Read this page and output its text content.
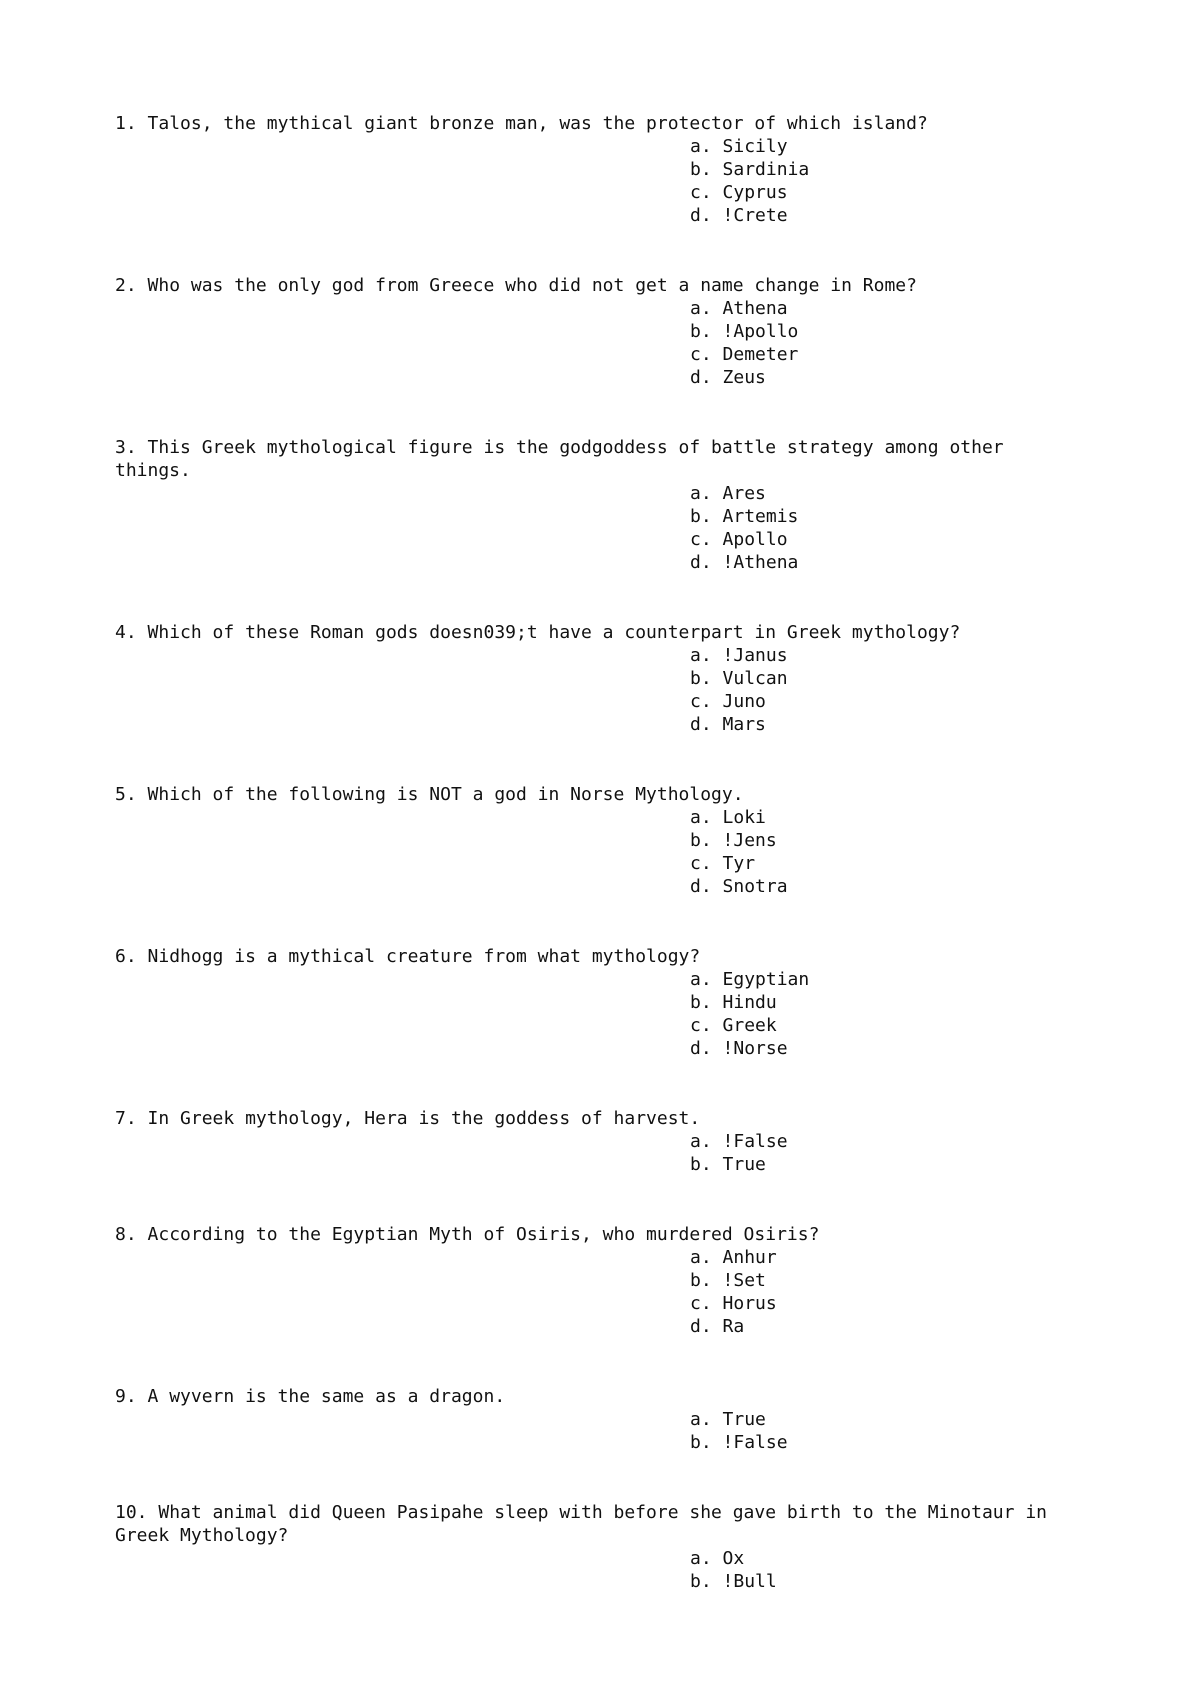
1. Talos, the mythical giant bronze man, was the protector of which island?

a. Sicily
b. Sardinia
c. Cyprus
d. !Crete

2. Who was the only god from Greece who did not get a name change in Rome?

a. Athena
b. !Apollo
c. Demeter
d. Zeus

3. This Greek mythological figure is the godgoddess of battle strategy among other things.

a. Ares
b. Artemis
c. Apollo
d. !Athena

4. Which of these Roman gods doesn039;t have a counterpart in Greek mythology?

a. !Janus
b. Vulcan
c. Juno
d. Mars

5. Which of the following is NOT a god in Norse Mythology.

a. Loki
b. !Jens
c. Tyr
d. Snotra

6. Nidhogg is a mythical creature from what mythology?

a. Egyptian
b. Hindu
c. Greek
d. !Norse

7. In Greek mythology, Hera is the goddess of harvest.

a. !False
b. True

8. According to the Egyptian Myth of Osiris, who murdered Osiris?

a. Anhur
b. !Set
c. Horus
d. Ra

9. A wyvern is the same as a dragon.

a. True
b. !False

10. What animal did Queen Pasipahe sleep with before she gave birth to the Minotaur in Greek Mythology?

a. Ox
b. !Bull
